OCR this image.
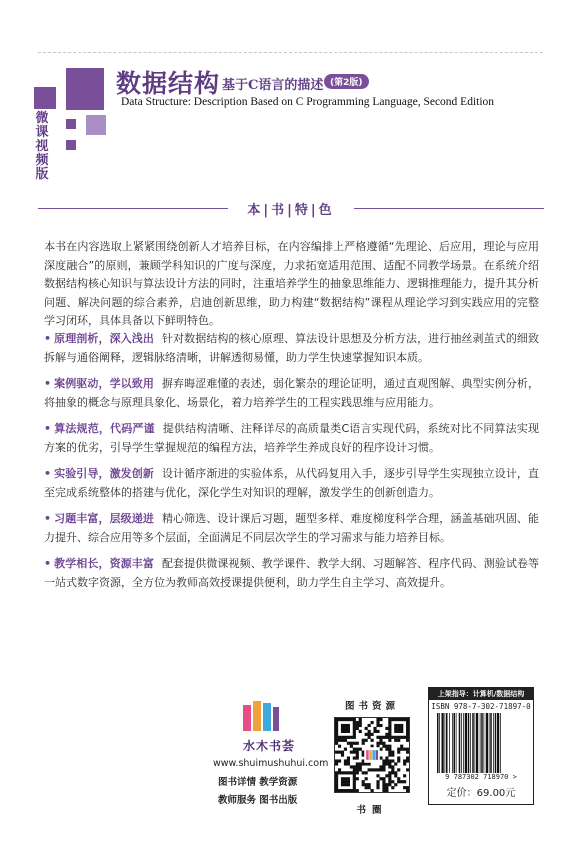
微
课
视
频
版
数据结构 基于C语言的描述 (第2版)
Data Structure: Description Based on C Programming Language, Second Edition
本|书|特|色
本书在内容选取上紧紧围绕创新人才培养目标，在内容编排上严格遵循“先理论、后应用，理论与应用深度融合”的原则，兼顾学科知识的广度与深度，力求拓宽适用范围、适配不同教学场景。在系统介绍数据结构核心知识与算法设计方法的同时，注重培养学生的抽象思维能力、逻辑推理能力，提升其分析问题、解决问题的综合素养，启迪创新思维，助力构建“数据结构”课程从理论学习到实践应用的完整学习闭环，具体具备以下鲜明特色。
• 原理剖析，深入浅出 针对数据结构的核心原理、算法设计思想及分析方法，进行抽丝剥茧式的细致拆解与通俗阐释，逻辑脉络清晰，讲解透彻易懂，助力学生快速掌握知识本质。
• 案例驱动，学以致用 摒弃晦涩难懂的表述，弱化繁杂的理论证明，通过直观图解、典型实例分析，将抽象的概念与原理具象化、场景化，着力培养学生的工程实践思维与应用能力。
• 算法规范，代码严谨 提供结构清晰、注释详尽的高质量类C语言实现代码，系统对比不同算法实现方案的优劣，引导学生掌握规范的编程方法，培养学生养成良好的程序设计习惯。
• 实验引导，激发创新 设计循序渐进的实验体系，从代码复用入手，逐步引导学生实现独立设计，直至完成系统整体的搭建与优化，深化学生对知识的理解，激发学生的创新创造力。
• 习题丰富，层级递进 精心筛选、设计课后习题，题型多样、难度梯度科学合理，涵盖基础巩固、能力提升、综合应用等多个层面，全面满足不同层次学生的学习需求与能力培养目标。
• 教学相长，资源丰富 配套提供微课视频、教学课件、教学大纲、习题解答、程序代码、测验试卷等一站式数字资源，全方位为教师高效授课提供便利，助力学生自主学习、高效提升。
水木书荟
www.shuimushuhui.com
图书详情 教学资源
教师服务 图书出版
图书资源
书圈
上架指导：计算机/数据结构
ISBN 978-7-302-71897-0
9 787302 718970 >
定价：69.00元
